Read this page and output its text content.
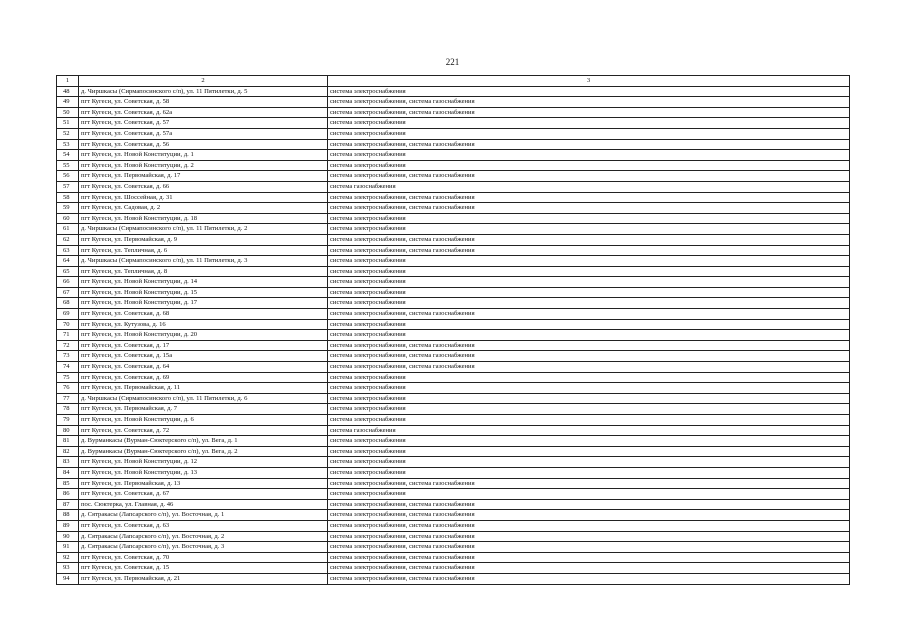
221
1	2	3
48	д. Чиршкасы (Сирмапосинского с/п), ул. 11 Пятилетки, д. 5	система электроснабжения
49	пгт Кугеси, ул. Советская, д. 58	система электроснабжения, система газоснабжения
50	пгт Кугеси, ул. Советская, д. 62а	система электроснабжения, система газоснабжения
51	пгт Кугеси, ул. Советская, д. 57	система электроснабжения
52	пгт Кугеси, ул. Советская, д. 57а	система электроснабжения
53	пгт Кугеси, ул. Советская, д. 56	система электроснабжения, система газоснабжения
54	пгт Кугеси, ул. Новой Конституции, д. 1	система электроснабжения
55	пгт Кугеси, ул. Новой Конституции, д. 2	система электроснабжения
56	пгт Кугеси, ул. Первомайская, д. 17	система электроснабжения, система газоснабжения
57	пгт Кугеси, ул. Советская, д. 66	система газоснабжения
58	пгт Кугеси, ул. Шоссейная, д. 31	система электроснабжения, система газоснабжения
59	пгт Кугеси, ул. Садовая, д. 2	система электроснабжения, система газоснабжения
60	пгт Кугеси, ул. Новой Конституции, д. 18	система электроснабжения
61	д. Чиршкасы (Сирмапосинского с/п), ул. 11 Пятилетки, д. 2	система электроснабжения
62	пгт Кугеси, ул. Первомайская, д. 9	система электроснабжения, система газоснабжения
63	пгт Кугеси, ул. Тепличная, д. 6	система электроснабжения, система газоснабжения
64	д. Чиршкасы (Сирмапосинского с/п), ул. 11 Пятилетки, д. 3	система электроснабжения
65	пгт Кугеси, ул. Тепличная, д. 8	система электроснабжения
66	пгт Кугеси, ул. Новой Конституции, д. 14	система электроснабжения
67	пгт Кугеси, ул. Новой Конституции, д. 15	система электроснабжения
68	пгт Кугеси, ул. Новой Конституции, д. 17	система электроснабжения
69	пгт Кугеси, ул. Советская, д. 68	система электроснабжения, система газоснабжения
70	пгт Кугеси, ул. Кутузова, д. 16	система электроснабжения
71	пгт Кугеси, ул. Новой Конституции, д. 20	система электроснабжения
72	пгт Кугеси, ул. Советская, д. 17	система электроснабжения, система газоснабжения
73	пгт Кугеси, ул. Советская, д. 15а	система электроснабжения, система газоснабжения
74	пгт Кугеси, ул. Советская, д. 64	система электроснабжения, система газоснабжения
75	пгт Кугеси, ул. Советская, д. 69	система электроснабжения
76	пгт Кугеси, ул. Первомайская, д. 11	система электроснабжения
77	д. Чиршкасы (Сирмапосинского с/п), ул. 11 Пятилетки, д. 6	система электроснабжения
78	пгт Кугеси, ул. Первомайская, д. 7	система электроснабжения
79	пгт Кугеси, ул. Новой Конституции, д. 6	система электроснабжения
80	пгт Кугеси, ул. Советская, д. 72	система газоснабжения
81	д. Вурманкасы (Вурман-Сюктерского с/п), ул. Вега, д. 1	система электроснабжения
82	д. Вурманкасы (Вурман-Сюктерского с/п), ул. Вега, д. 2	система электроснабжения
83	пгт Кугеси, ул. Новой Конституции, д. 12	система электроснабжения
84	пгт Кугеси, ул. Новой Конституции, д. 13	система электроснабжения
85	пгт Кугеси, ул. Первомайская, д. 13	система электроснабжения, система газоснабжения
86	пгт Кугеси, ул. Советская, д. 67	система электроснабжения
87	пос. Сюктерка, ул. Главная, д. 46	система электроснабжения, система газоснабжения
88	д. Сятракасы (Лапсарского с/п), ул. Восточная, д. 1	система электроснабжения, система газоснабжения
89	пгт Кугеси, ул. Советская, д. 63	система электроснабжения, система газоснабжения
90	д. Сятракасы (Лапсарского с/п), ул. Восточная, д. 2	система электроснабжения, система газоснабжения
91	д. Сятракасы (Лапсарского с/п), ул. Восточная, д. 3	система электроснабжения, система газоснабжения
92	пгт Кугеси, ул. Советская, д. 70	система электроснабжения, система газоснабжения
93	пгт Кугеси, ул. Советская, д. 15	система электроснабжения, система газоснабжения
94	пгт Кугеси, ул. Первомайская, д. 21	система электроснабжения, система газоснабжения
